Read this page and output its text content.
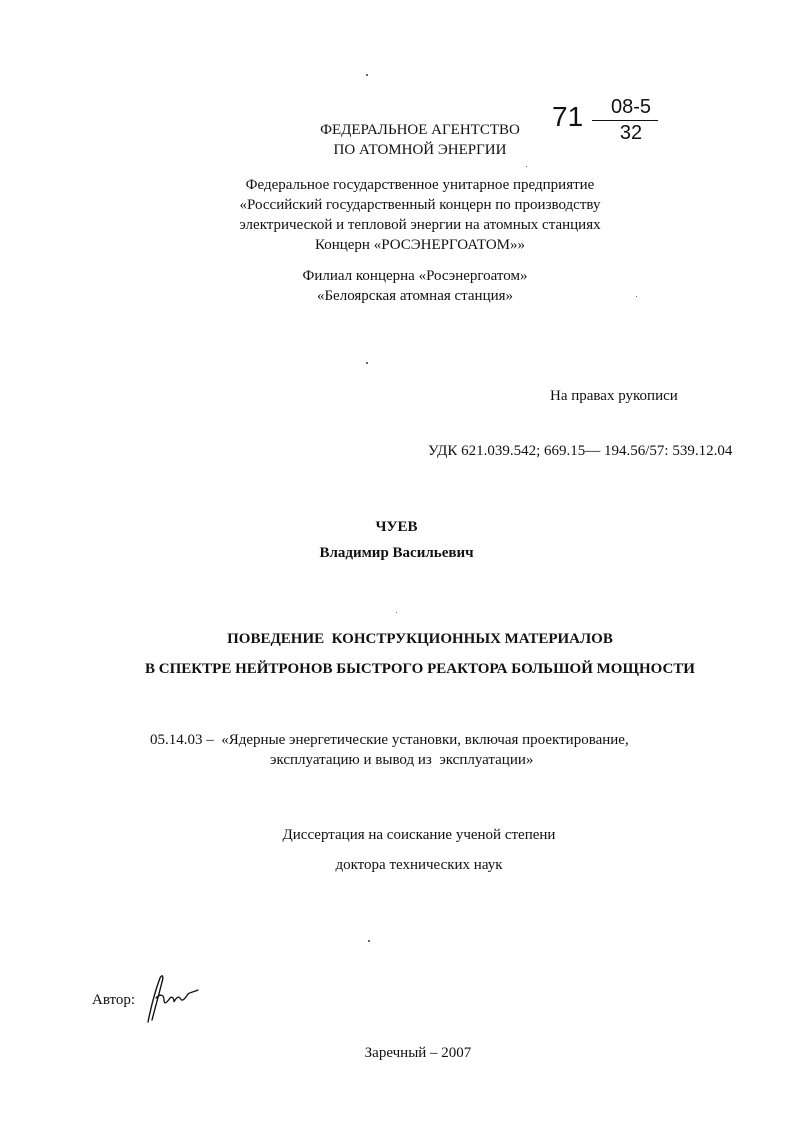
ФЕДЕРАЛЬНОЕ АГЕНТСТВО
ПО АТОМНОЙ ЭНЕРГИИ
71	08-5
32
Федеральное государственное унитарное предприятие
«Российский государственный концерн по производству
электрической и тепловой энергии на атомных станциях
Концерн «РОСЭНЕРГОАТОМ»»
Филиал концерна «Росэнергоатом»
«Белоярская атомная станция»
На правах рукописи
УДК 621.039.542; 669.15— 194.56/57: 539.12.04
ЧУЕВ
Владимир Васильевич
ПОВЕДЕНИЕ  КОНСТРУКЦИОННЫХ МАТЕРИАЛОВ
В СПЕКТРЕ НЕЙТРОНОВ БЫСТРОГО РЕАКТОРА БОЛЬШОЙ МОЩНОСТИ
05.14.03 –  «Ядерные энергетические установки, включая проектирование,
эксплуатацию и вывод из  эксплуатации»
Диссертация на соискание ученой степени
доктора технических наук
Автор:
Заречный – 2007
